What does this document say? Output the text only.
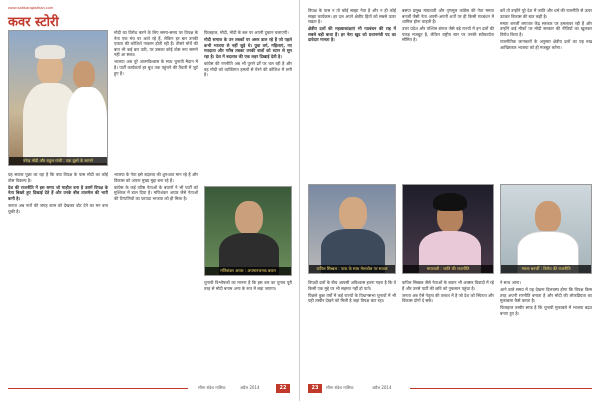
www.sabkarajasthan.com
कवर स्टोरी
नरेन्द्र मोदी और राहुल गांधी : एक दूसरे के सामने

मोदी का विरोध करने के लिए समय-समय पर विपक्ष के नेता एक मंच पर आते रहे हैं, लेकिन हर बार उनकी एकता की कोशिशें नाकाम होती रही हैं। तीसरे मोर्चे की बात भी कई बार उठी, पर उसका कोई ठोस रूप सामने नहीं आ सका।

भाजपा अब पूरे आत्मविश्वास के साथ चुनावी मैदान में है। पार्टी कार्यकर्ता हर बूथ तक पहुंचने की तैयारी में जुटे हुए हैं।

फिलहाल, मोदी, मोदी के बल पर अपनी दुकान चलाएगी।

मोदी समाज के उन तबकों पर असर डाल रहे हैं जो पहले कभी भाजपा से नहीं जुड़े थे। युवा वर्ग, महिलाएं, नए मतदाता और गरीब तबका उनकी बातों को ध्यान से सुन रहा है। देश में बदलाव की एक लहर दिखाई देती है।

कांग्रेस की रणनीति अब भी पुराने ढर्रे पर चल रही है और वह मोदी को व्यक्तिगत हमलों से घेरने की कोशिश में लगी है।

यह सवाल पूछा जा रहा है कि क्या विपक्ष के पास मोदी का कोई ठोस विकल्प है।

देश की राजनीति में इस समय जो माहौल बना है उसमें विपक्ष के नेता बिखरे हुए दिखाई देते हैं और उनके बीच तालमेल की भारी कमी है।

जनता अब नारों की जगह काम को देखकर वोट देने का मन बना चुकी है।

भाजपा के नेता इसे बदलाव की शुरुआत मान रहे हैं और विकास को अपना मुख्य मुद्दा बना रहे हैं।

कांग्रेस के कई वरिष्ठ नेताओं के बयानों ने भी पार्टी को मुश्किल में डाल दिया है। मणिशंकर अय्यर जैसे नेताओं की टिप्पणियों का फायदा भाजपा को ही मिला है।

मणिशंकर अय्यर : अपमानजनक बयान

चुनावी विश्लेषकों का मानना है कि इस बार का चुनाव पूरी तरह से मोदी बनाम अन्य के रूप में लड़ा जाएगा।

22
सीमा संदेश मासिक	अप्रैल 2014

विपक्ष के पास न तो कोई साझा नेता है और न ही कोई साझा कार्यक्रम। हर दल अपने क्षेत्रीय हितों को सबसे ऊपर रखता है।

क्षेत्रीय दलों की महत्वाकांक्षाएं भी गठबंधन की राह में सबसे बड़ी बाधा हैं। हर नेता खुद को प्रधानमंत्री पद का दावेदार मानता है।

बसपा प्रमुख मायावती और तृणमूल कांग्रेस की नेता ममता बनर्जी जैसी नेता अपनी-अपनी शर्तों पर ही किसी गठबंधन में शामिल होना चाहती हैं।

उत्तर प्रदेश और पश्चिम बंगाल जैसे बड़े राज्यों में इन दलों की पकड़ मजबूत है, लेकिन राष्ट्रीय स्तर पर उनकी स्वीकार्यता सीमित है।

करें तो उन्होंने पूरे देश में जाति और धर्म की राजनीति से ऊपर उठकर विकास की बात कही है।

ममता बनर्जी लगातार केंद्र सरकार पर हमलावर रही हैं और उन्होंने कई मौकों पर मोदी सरकार की नीतियों का खुलकर विरोध किया है।

राजनीतिक जानकारों के अनुसार क्षेत्रीय दलों का यह रुख आखिरकार भाजपा को ही मजबूत करेगा।

कपिल सिब्बल : पाक के साथ मेलजोल पर सवाल	मायावती : जाति की राजनीति	ममता बनर्जी : विरोध की राजनीति

विपक्षी दलों के बीच आपसी अविश्वास इतना गहरा है कि वे किसी एक मुद्दे पर भी सहमत नहीं हो पाते।

पिछले कुछ वर्षों में कई राज्यों के विधानसभा चुनावों में भी यही तस्वीर देखने को मिली है जहां विपक्ष बंटा रहा।

कपिल सिब्बल जैसे नेताओं के बयान भी अक्सर विवादों में रहे हैं और उनसे पार्टी की छवि को नुकसान पहुंचा है।

जनता अब ऐसे नेतृत्व की तलाश में है जो देश को स्थिरता और विकास दोनों दे सके।

ने साथ आना।

आने वाले समय में यह देखना दिलचस्प होगा कि विपक्ष किस तरह अपनी रणनीति बनाता है और मोदी की लोकप्रियता का मुकाबला कैसे करता है।

फिलहाल तस्वीर साफ है कि चुनावी मुकाबले में भाजपा बढ़त बनाए हुए है।

23	सीमा संदेश मासिक	अप्रैल 2014
